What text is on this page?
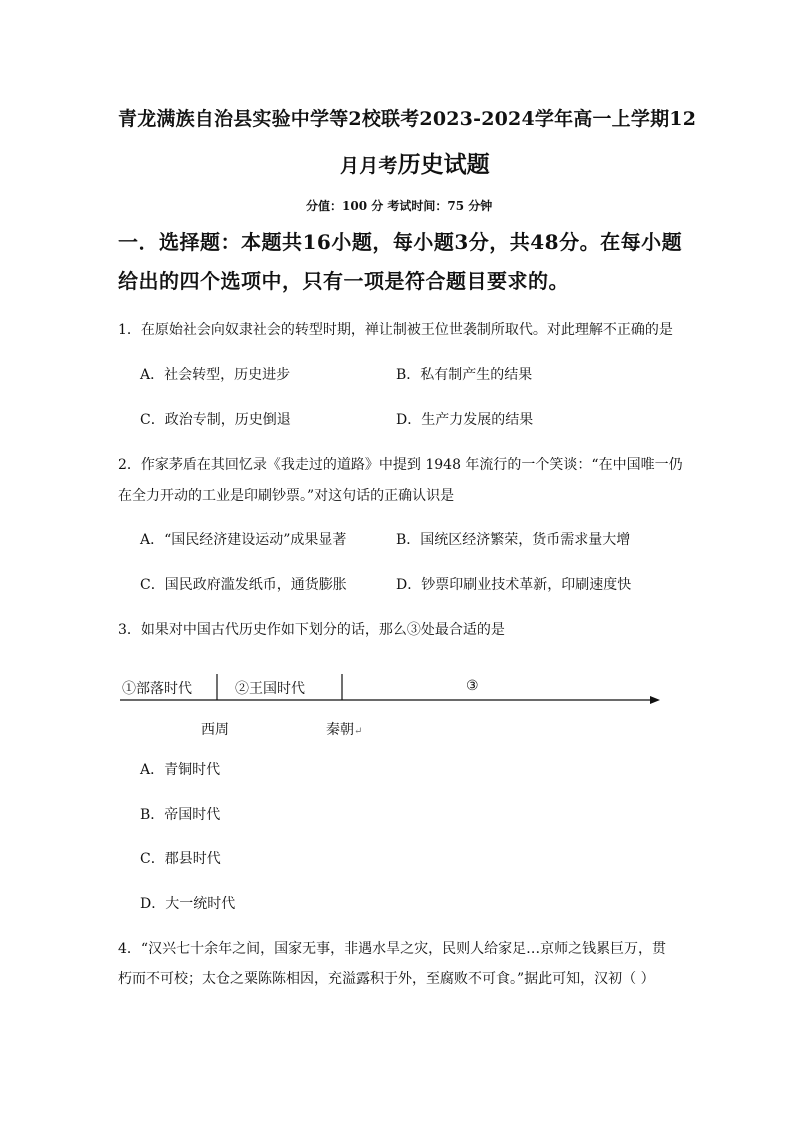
青龙满族自治县实验中学等2校联考2023-2024学年高一上学期12
月月考历史试题
分值：100 分 考试时间：75 分钟
一．选择题：本题共16小题，每小题3分，共48分。在每小题
给出的四个选项中，只有一项是符合题目要求的。
1．在原始社会向奴隶社会的转型时期，禅让制被王位世袭制所取代。对此理解不正确的是
A．社会转型，历史进步	B．私有制产生的结果
C．政治专制，历史倒退	D．生产力发展的结果
2．作家茅盾在其回忆录《我走过的道路》中提到 1948 年流行的一个笑谈：“在中国唯一仍
在全力开动的工业是印刷钞票。”对这句话的正确认识是
A．“国民经济建设运动”成果显著	B．国统区经济繁荣，货币需求量大增
C．国民政府滥发纸币，通货膨胀	D．钞票印刷业技术革新，印刷速度快
3．如果对中国古代历史作如下划分的话，那么③处最合适的是
①部落时代	②王国时代	③
西周	秦朝↵
A．青铜时代
B．帝国时代
C．郡县时代
D．大一统时代
4．“汉兴七十余年之间，国家无事，非遇水旱之灾，民则人给家足…京师之钱累巨万，贯
朽而不可校；太仓之粟陈陈相因，充溢露积于外，至腐败不可食。”据此可知，汉初（ ）
